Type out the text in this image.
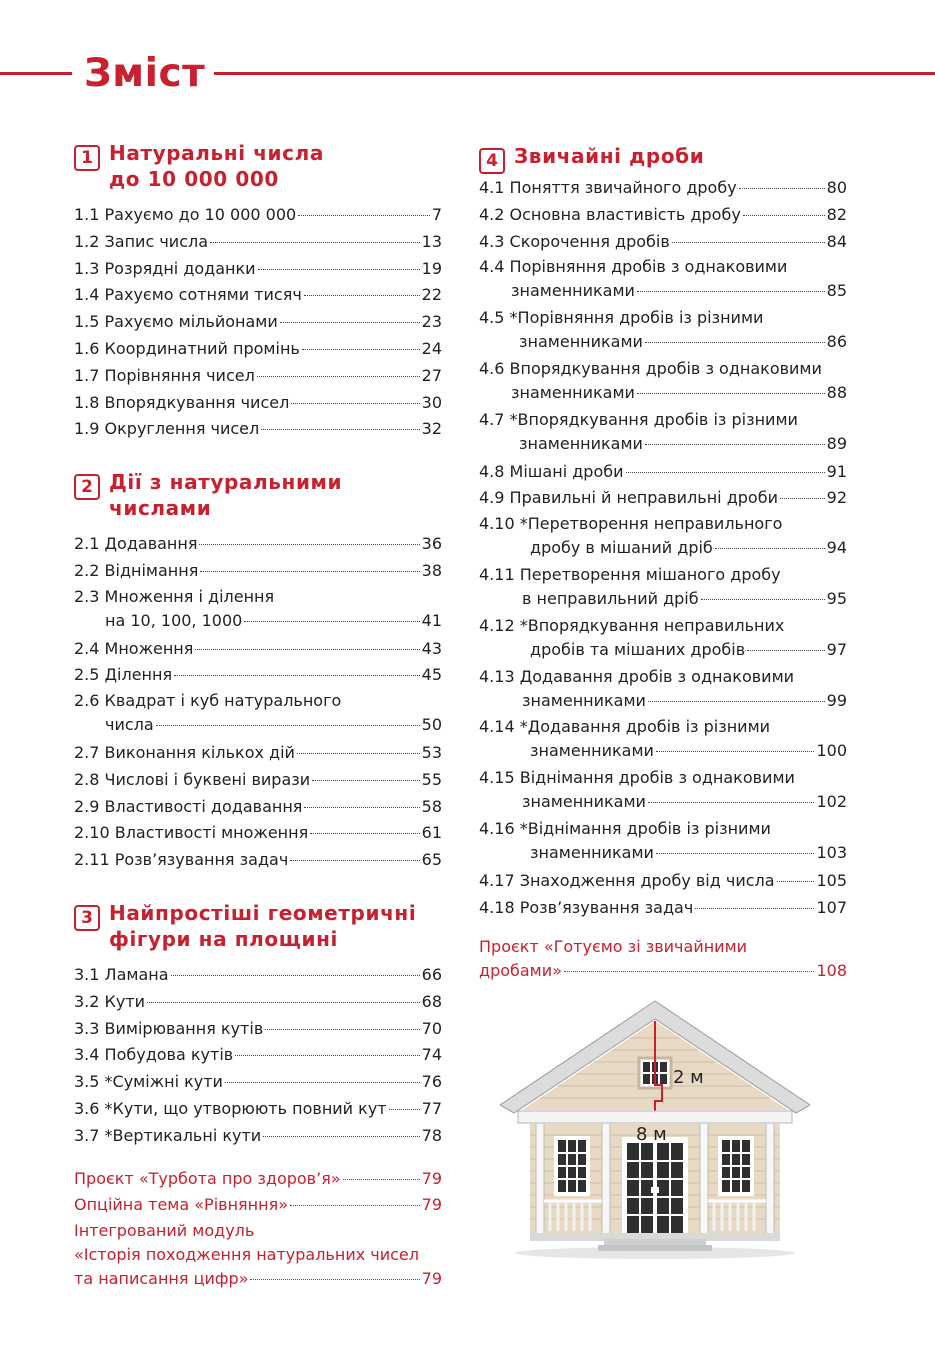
Зміст
1 Натуральні числа
до 10 000 000
1.1 Рахуємо до 10 000 000	7
1.2 Запис числа	13
1.3 Розрядні доданки	19
1.4 Рахуємо сотнями тисяч	22
1.5 Рахуємо мільйонами	23
1.6 Координатний промінь	24
1.7 Порівняння чисел	27
1.8 Впорядкування чисел	30
1.9 Округлення чисел	32
2 Дії з натуральними
числами
2.1 Додавання	36
2.2 Віднімання	38
2.3 Множення і ділення
на 10, 100, 1000	41
2.4 Множення	43
2.5 Ділення	45
2.6 Квадрат і куб натурального
числа	50
2.7 Виконання кількох дій	53
2.8 Числові і буквені вирази	55
2.9 Властивості додавання	58
2.10 Властивості множення	61
2.11 Розв’язування задач	65
3 Найпростіші геометричні
фігури на площині
3.1 Ламана	66
3.2 Кути	68
3.3 Вимірювання кутів	70
3.4 Побудова кутів	74
3.5 *Суміжні кути	76
3.6 *Кути, що утворюють повний кут 77
3.7 *Вертикальні кути	78
Проєкт «Турбота про здоров’я»	79
Опційна тема «Рівняння»	79
Інтегрований модуль
«Історія походження натуральних чисел
та написання цифр»	79
4 Звичайні дроби
4.1 Поняття звичайного дробу	80
4.2 Основна властивість дробу	82
4.3 Скорочення дробів	84
4.4 Порівняння дробів з однаковими
знаменниками	85
4.5 *Порівняння дробів із різними
знаменниками	86
4.6 Впорядкування дробів з однаковими
знаменниками	88
4.7 *Впорядкування дробів із різними
знаменниками	89
4.8 Мішані дроби	91
4.9 Правильні й неправильні дроби	92
4.10 *Перетворення неправильного
дробу в мішаний дріб	94
4.11 Перетворення мішаного дробу
в неправильний дріб	95
4.12 *Впорядкування неправильних
дробів та мішаних дробів	97
4.13 Додавання дробів з однаковими
знаменниками	99
4.14 *Додавання дробів із різними
знаменниками	100
4.15 Віднімання дробів з однаковими
знаменниками	102
4.16 *Віднімання дробів із різними
знаменниками	103
4.17 Знаходження дробу від числа	105
4.18 Розв’язування задач	107
Проєкт «Готуємо зі звичайними
дробами»	108
2 м
8 м
